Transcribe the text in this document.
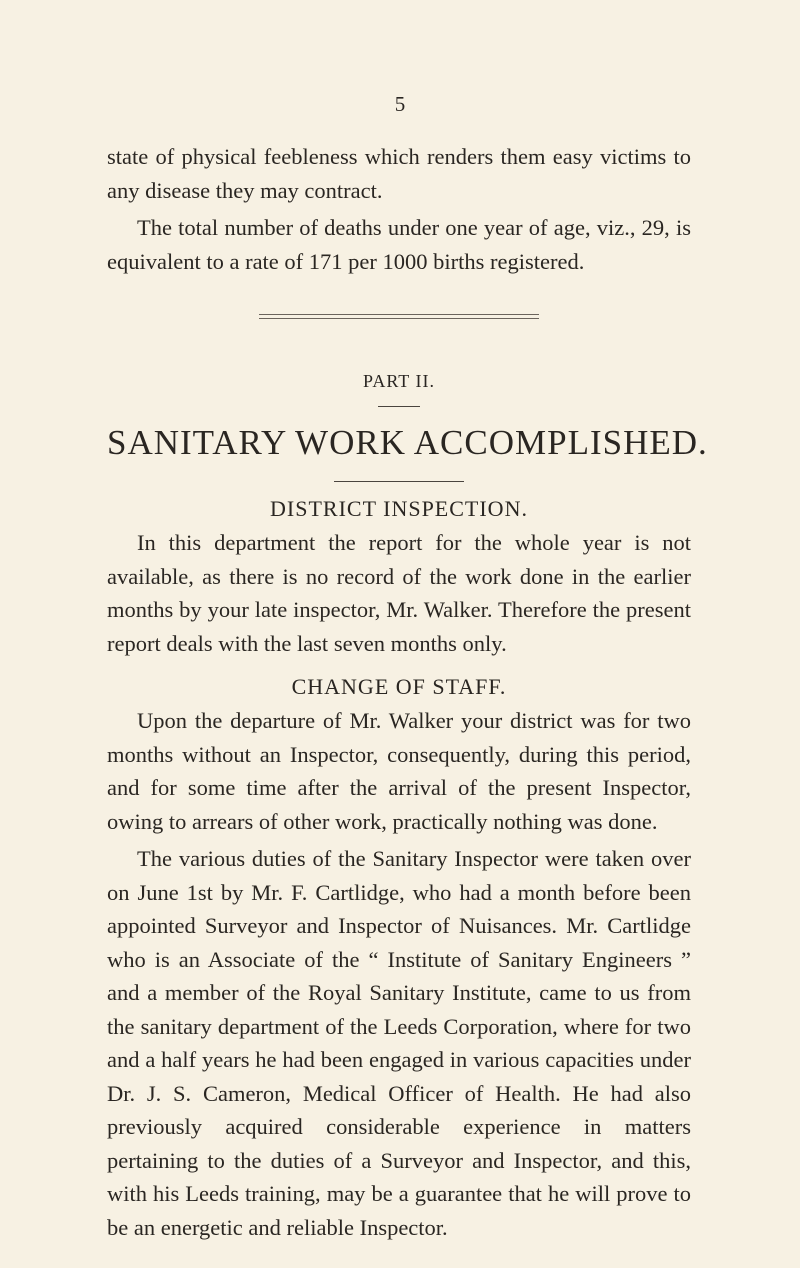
5

state of physical feebleness which renders them easy victims to any disease they may contract.

The total number of deaths under one year of age, viz., 29, is equivalent to a rate of 171 per 1000 births registered.

PART II.
SANITARY WORK ACCOMPLISHED.
DISTRICT INSPECTION.

In this department the report for the whole year is not available, as there is no record of the work done in the earlier months by your late inspector, Mr. Walker. Therefore the present report deals with the last seven months only.

CHANGE OF STAFF.

Upon the departure of Mr. Walker your district was for two months without an Inspector, consequently, during this period, and for some time after the arrival of the present Inspector, owing to arrears of other work, practically nothing was done.

The various duties of the Sanitary Inspector were taken over on June 1st by Mr. F. Cartlidge, who had a month before been appointed Surveyor and Inspector of Nuisances. Mr. Cartlidge who is an Associate of the “ Institute of Sanitary Engineers ” and a member of the Royal Sanitary Institute, came to us from the sanitary department of the Leeds Corporation, where for two and a half years he had been engaged in various capacities under Dr. J. S. Cameron, Medical Officer of Health. He had also previously acquired considerable experience in matters pertaining to the duties of a Surveyor and Inspector, and this, with his Leeds training, may be a guarantee that he will prove to be an energetic and reliable Inspector.
